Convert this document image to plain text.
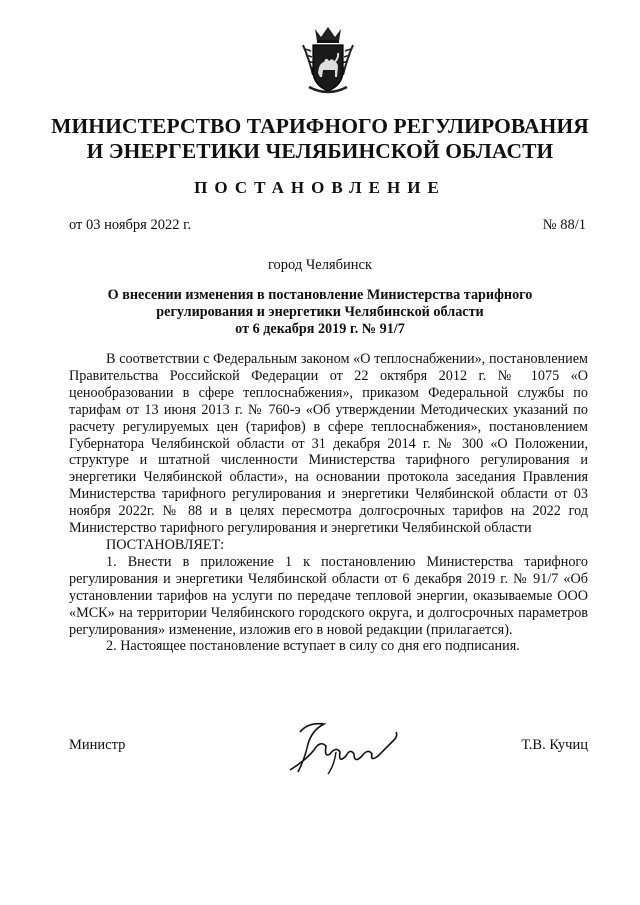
МИНИСТЕРСТВО ТАРИФНОГО РЕГУЛИРОВАНИЯ
И ЭНЕРГЕТИКИ ЧЕЛЯБИНСКОЙ ОБЛАСТИ
ПОСТАНОВЛЕНИЕ
от 03 ноября 2022 г.	№ 88/1
город Челябинск
О внесении изменения в постановление Министерства тарифного
регулирования и энергетики Челябинской области
от 6 декабря 2019 г. № 91/7

В соответствии с Федеральным законом «О теплоснабжении», постановлением Правительства Российской Федерации от 22 октября 2012 г. № 1075 «О ценообразовании в сфере теплоснабжения», приказом Федеральной службы по тарифам от 13 июня 2013 г. № 760-э «Об утверждении Методических указаний по расчету регулируемых цен (тарифов) в сфере теплоснабжения», постановлением Губернатора Челябинской области от 31 декабря 2014 г. № 300 «О Положении, структуре и штатной численности Министерства тарифного регулирования и энергетики Челябинской области», на основании протокола заседания Правления Министерства тарифного регулирования и энергетики Челябинской области от 03 ноября 2022г. № 88 и в целях пересмотра долгосрочных тарифов на 2022 год Министерство тарифного регулирования и энергетики Челябинской области

ПОСТАНОВЛЯЕТ:

1. Внести в приложение 1 к постановлению Министерства тарифного регулирования и энергетики Челябинской области от 6 декабря 2019 г. № 91/7 «Об установлении тарифов на услуги по передаче тепловой энергии, оказываемые ООО «МСК» на территории Челябинского городского округа, и долгосрочных параметров регулирования» изменение, изложив его в новой редакции (прилагается).

2. Настоящее постановление вступает в силу со дня его подписания.

Министр	Т.В. Кучиц
